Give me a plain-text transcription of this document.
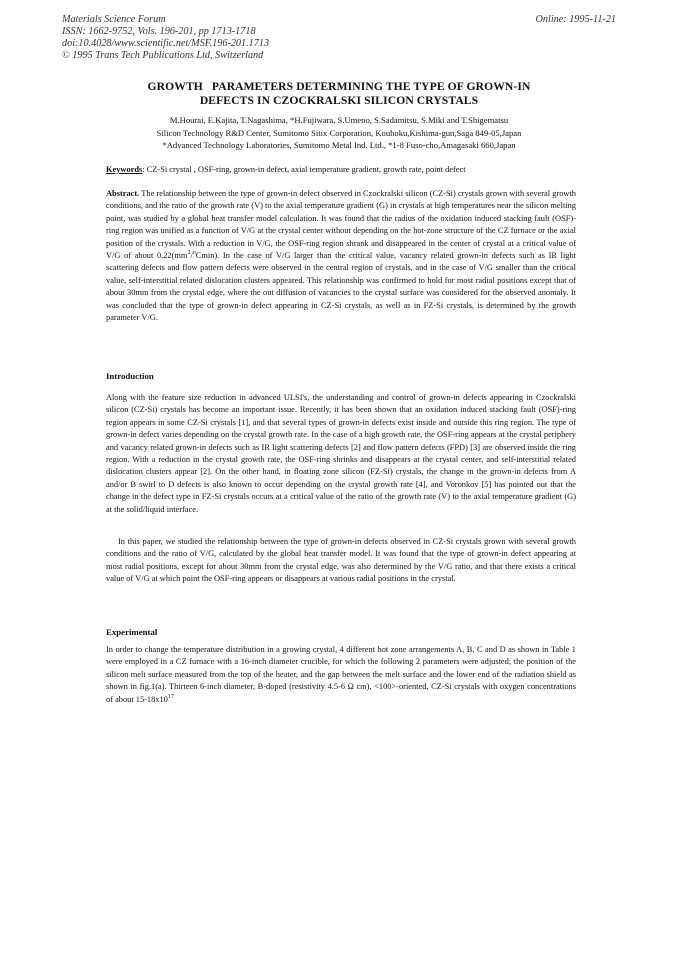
Materials Science Forum
ISSN: 1662-9752, Vols. 196-201, pp 1713-1718
doi:10.4028/www.scientific.net/MSF.196-201.1713
© 1995 Trans Tech Publications Ltd, Switzerland
Online: 1995-11-21
GROWTH   PARAMETERS DETERMINING THE TYPE OF GROWN-IN
DEFECTS IN CZOCKRALSKI SILICON CRYSTALS
M.Hourai, E.Kajita, T.Nagashima, *H.Fujiwara, S.Umeno, S.Sadamitsu, S.Miki and T.Shigematsu
Silicon Technology R&D Center, Sumitomo Sitix Corporation, Kouhoku,Kishima-gun,Saga 849-05,Japan
*Advanced Technology Laboratories, Sumitomo Metal Ind. Ltd., *1-8 Fuso-cho,Amagasaki 660,Japan
Keywords: CZ-Si crystal , OSF-ring, grown-in defect, axial temperature gradient, growth rate, point defect
Abstract. The relationship between the type of grown-in defect observed in Czockralski silicon (CZ-Si) crystals grown with several growth conditions, and the ratio of the growth rate (V) to the axial temperature gradient (G) in crystals at high temperatures near the silicon melting point, was studied by a global heat transfer model calculation. It was found that the radius of the oxidation induced stacking fault (OSF)-ring region was unified as a function of V/G at the crystal center without depending on the hot-zone structure of the CZ furnace or the axial position of the crystals. With a reduction in V/G, the OSF-ring region shrank and disappeared in the center of crystal at a critical value of V/G of about $0.22(mm^2/^oCmin)$. In the case of V/G larger than the critical value, vacancy related grown-in defects such as IR light scattering defects and flow pattern defects were observed in the central region of crystals, and in the case of V/G smaller than the critical value, self-interstitial related dislocation clusters appeared. This relationship was confirmed to hold for most radial positions except that of about 30mm from the crystal edge, where the out diffusion of vacancies to the crystal surface was considered for the observed anomaly. It was concluded that the type of grown-in defect appearing in CZ-Si crystals, as well as in FZ-Si crystals, is determined by the growth parameter V/G.
Introduction
Along with the feature size reduction in advanced ULSI's, the understanding and control of grown-in defects appearing in Czockralski silicon (CZ-Si) crystals has become an important issue. Recently, it has been shown that an oxidation induced stacking fault (OSF)-ring region appears in some CZ-Si crystals [1], and that several types of grown-in defects exist inside and outside this ring region. The type of grown-in defect varies depending on the crystal growth rate. In the case of a high growth rate, the OSF-ring appears at the crystal periphery and vacancy related grown-in defects such as IR light scattering defects [2] and flow pattern defects (FPD) [3] are observed inside the ring region. With a reduction in the crystal growth rate, the OSF-ring shrinks and disappears at the crystal center, and self-interstitial related dislocation clusters appear [2]. On the other hand, in floating zone silicon (FZ-Si) crystals, the change in the grown-in defects from A and/or B swirl to D defects is also known to occur depending on the crystal growth rate [4], and Voronkov [5] has pointed out that the change in the defect type in FZ-Si crystals occurs at a critical value of the ratio of the growth rate (V) to the axial temperature gradient (G) at the solid/liquid interface.
In this paper, we studied the relationship between the type of grown-in defects observed in CZ-Si crystals grown with several growth conditions and the ratio of V/G, calculated by the global heat transfer model. It was found that the type of grown-in defect appearing at most radial positions, except for about 30mm from the crystal edge, was also determined by the V/G ratio, and that there exists a critical value of V/G at which point the OSF-ring appears or disappears at various radial positions in the crystal.
Experimental
In order to change the temperature distribution in a growing crystal, 4 different hot zone arrangements A, B, C and D as shown in Table 1 were employed in a CZ furnace with a 16-inch diameter crucible, for which the following 2 parameters were adjusted; the position of the silicon melt surface measured from the top of the heater, and the gap between the melt surface and the lower end of the radiation shield as shown in fig.1(a). Thirteen 6-inch diameter, B-doped (resistivity 4.5-6 Ω cm), <100>-oriented, CZ-Si crystals with oxygen concentrations of about $15-18x10^{17}$
